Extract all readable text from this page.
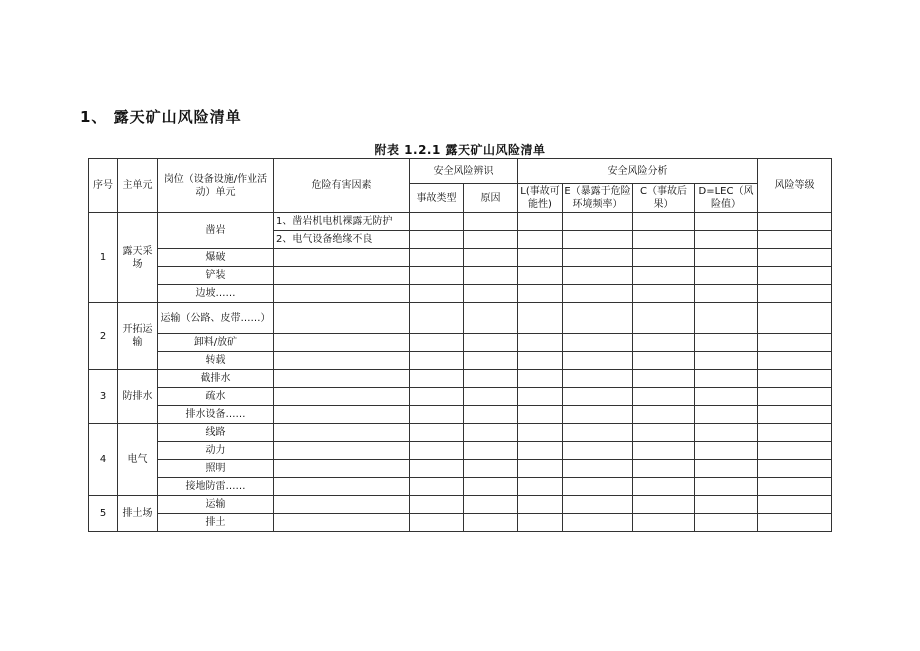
1、 露天矿山风险清单
附表 1.2.1 露天矿山风险清单
序号	主单元	岗位（设备设施/作业活动）单元	危险有害因素	安全风险辨识		安全风险分析				风险等级
				事故类型	原因	L(事故可能性)	E（暴露于危险环境频率）	C（事故后果）	D=LEC（风险值）	
1	露天采场	凿岩	1、凿岩机电机裸露无防护							
			2、电气设备绝缘不良							
		爆破								
		铲装								
		边坡……								
2	开拓运输	运输（公路、皮带……）								
		卸料/放矿								
		转载								
3	防排水	截排水								
		疏水								
		排水设备……								
4	电气	线路								
		动力								
		照明								
		接地防雷……								
5	排土场	运输								
		排土								
